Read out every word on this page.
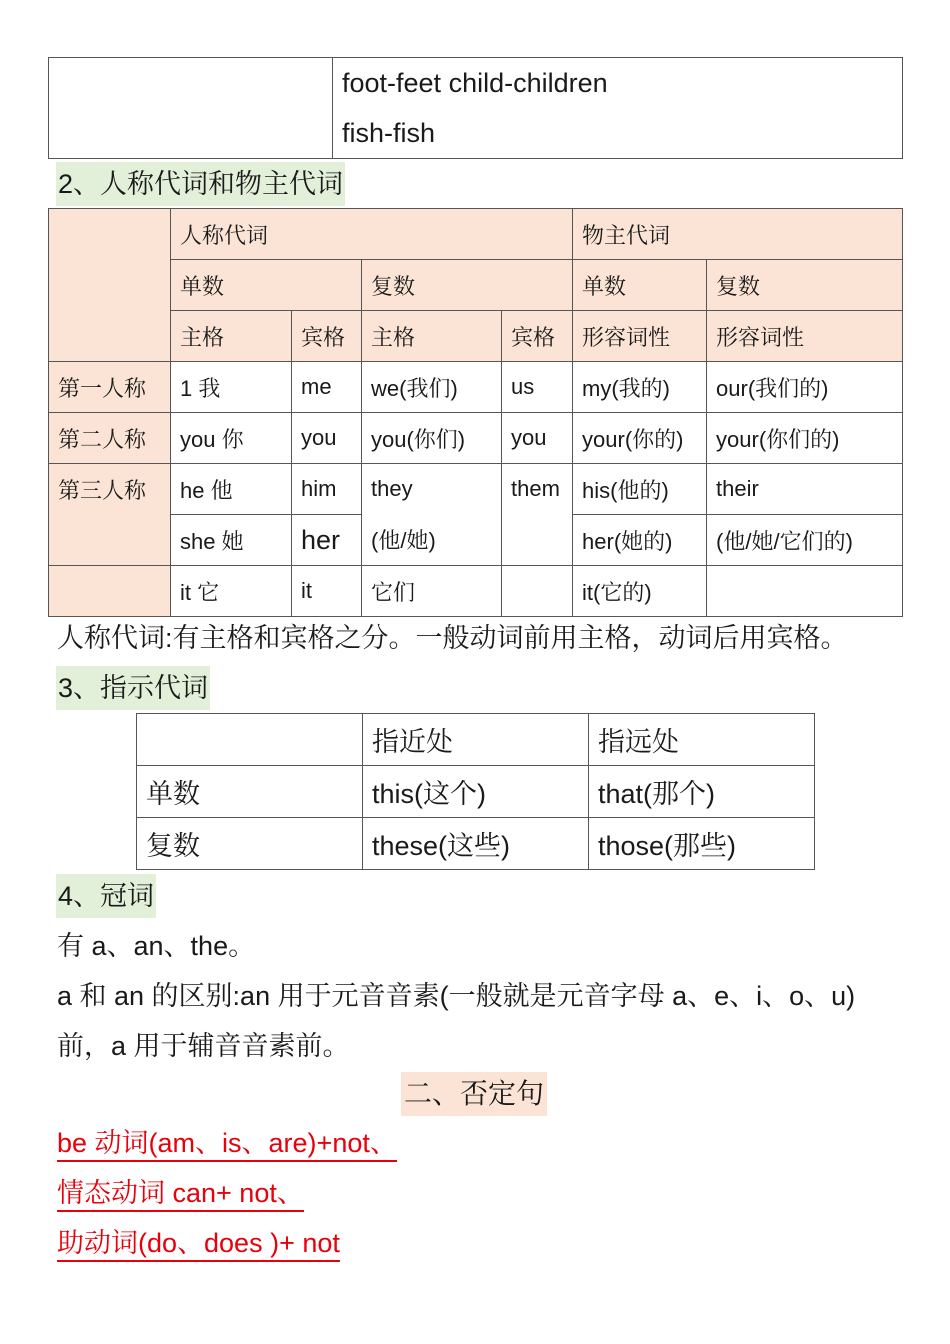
foot-feet child-children
fish-fish
2、人称代词和物主代词
	人称代词				物主代词	
	单数		复数		单数	复数
	主格	宾格	主格	宾格	形容词性	形容词性
第一人称	1 我	me	we(我们)	us	my(我的)	our(我们的)
第二人称	you 你	you	you(你们)	you	your(你的)	your(你们的)
第三人称	he 他	him	they	them	his(他的)	their
	she 她	her	(他/她)		her(她的)	(他/她/它们的)
	it 它	it	它们		it(它的)	
人称代词:有主格和宾格之分。一般动词前用主格，动词后用宾格。
3、指示代词
	指近处	指远处
单数	this(这个)	that(那个)
复数	these(这些)	those(那些)
4、冠词
有 a、an、the。
a 和 an 的区别:an 用于元音音素(一般就是元音字母 a、e、i、o、u)
前，a 用于辅音音素前。
二、否定句
be 动词(am、is、are)+not、
情态动词 can+ not、
助动词(do、does )+ not
